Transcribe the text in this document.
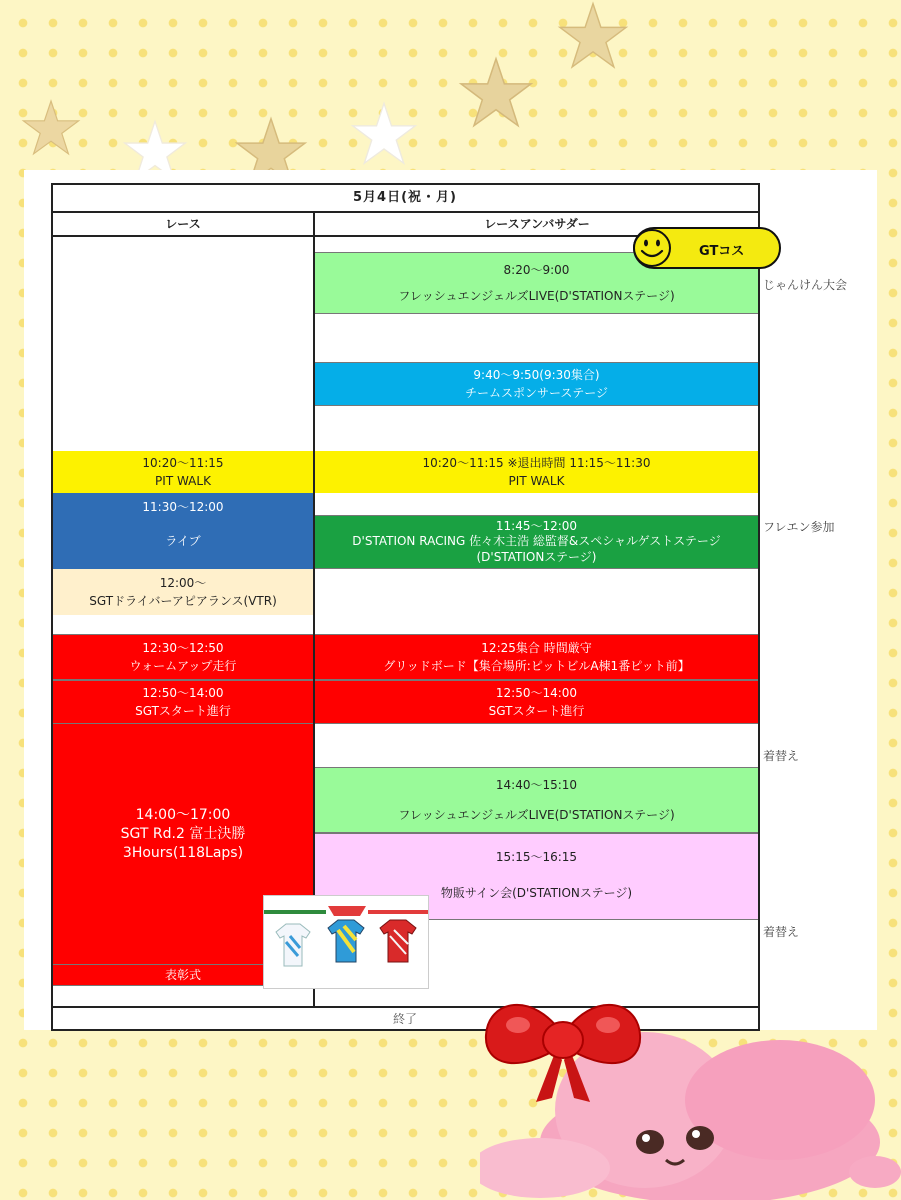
10:20〜11:15
PIT WALK
11:30〜12:00
ライブ
12:00〜
SGTドライバーアピアランス(VTR)
12:30〜12:50
ウォームアップ走行
12:50〜14:00
SGTスタート進行
14:00〜17:00
SGT Rd.2 富士決勝
3Hours(118Laps)
表彰式
8:20〜9:00
フレッシュエンジェルズLIVE(D'STATIONステージ)
9:40〜9:50(9:30集合)
チームスポンサーステージ
10:20〜11:15 ※退出時間 11:15〜11:30
PIT WALK
11:45〜12:00
D'STATION RACING 佐々木主浩 総監督&スペシャルゲストステージ
(D'STATIONステージ)
12:25集合 時間厳守
グリッドボード【集合場所:ピットビルA棟1番ピット前】
12:50〜14:00
SGTスタート進行
14:40〜15:10
フレッシュエンジェルズLIVE(D'STATIONステージ)
15:15〜16:15
物販サイン会(D'STATIONステージ)
5月4日(祝・月)
レース	レースアンバサダー
終了
GTコス
じゃんけん大会
フレエン参加
着替え
着替え
